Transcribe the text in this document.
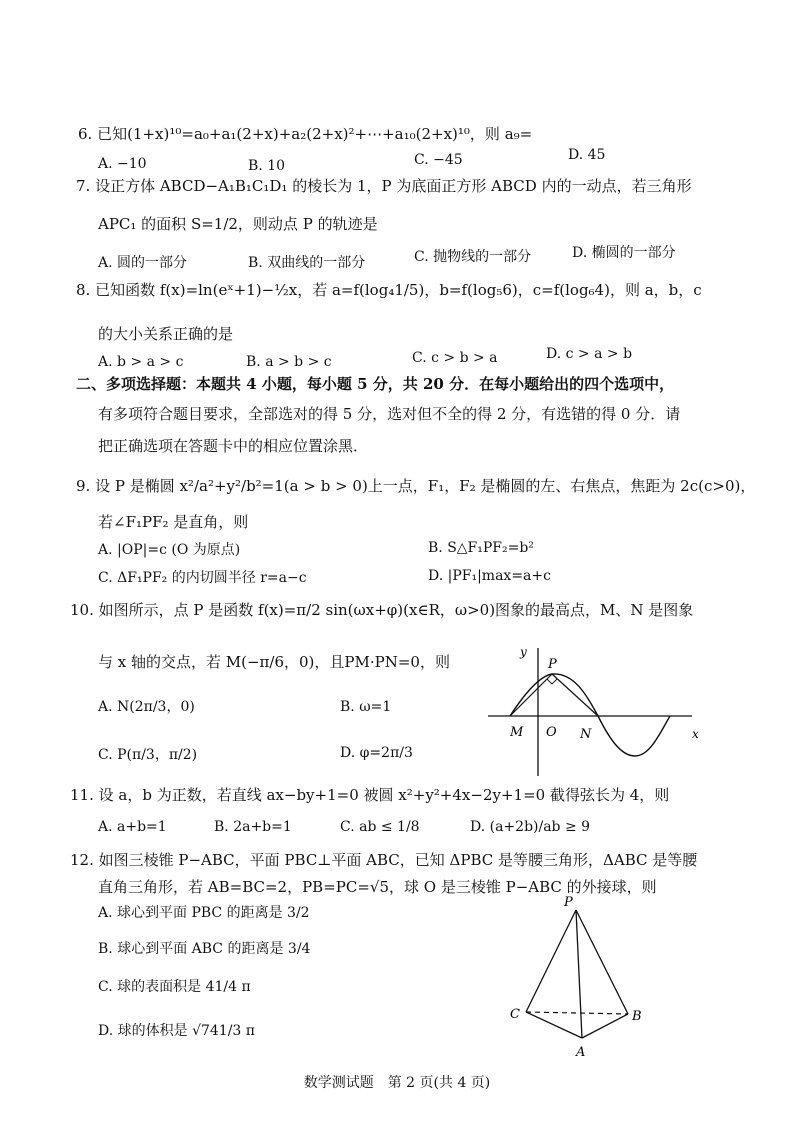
6. 已知(1+x)¹⁰=a₀+a₁(2+x)+a₂(2+x)²+⋯+a₁₀(2+x)¹⁰，则 a₉=
A. −10	B. 10	C. −45	D. 45
7. 设正方体 ABCD−A₁B₁C₁D₁ 的棱长为 1，P 为底面正方形 ABCD 内的一动点，若三角形
APC₁ 的面积 S=1/2，则动点 P 的轨迹是
A. 圆的一部分	B. 双曲线的一部分	C. 抛物线的一部分	D. 椭圆的一部分
8. 已知函数 f(x)=ln(eˣ+1)−½x，若 a=f(log₄1/5)，b=f(log₅6)，c=f(log₆4)，则 a，b，c
的大小关系正确的是
A. b > a > c	B. a > b > c	C. c > b > a	D. c > a > b
二、多项选择题：本题共 4 小题，每小题 5 分，共 20 分．在每小题给出的四个选项中，
有多项符合题目要求，全部选对的得 5 分，选对但不全的得 2 分，有选错的得 0 分．请
把正确选项在答题卡中的相应位置涂黑．
9. 设 P 是椭圆 x²/a²+y²/b²=1(a > b > 0)上一点，F₁，F₂ 是椭圆的左、右焦点，焦距为 2c(c>0)，
若∠F₁PF₂ 是直角，则
A. |OP|=c (O 为原点)	B. S△F₁PF₂=b²
C. ΔF₁PF₂ 的内切圆半径 r=a−c	D. |PF₁|max=a+c
10. 如图所示，点 P 是函数 f(x)=π/2 sin(ωx+φ)(x∈R，ω>0)图象的最高点，M、N 是图象
与 x 轴的交点，若 M(−π/6，0)，且PM·PN=0，则
A. N(2π/3，0)	B. ω=1
C. P(π/3，π/2)	D. φ=2π/3
y
x
P
M O N
11. 设 a，b 为正数，若直线 ax−by+1=0 被圆 x²+y²+4x−2y+1=0 截得弦长为 4，则
A. a+b=1	B. 2a+b=1	C. ab ≤ 1/8	D. (a+2b)/ab ≥ 9
12. 如图三棱锥 P−ABC，平面 PBC⊥平面 ABC，已知 ΔPBC 是等腰三角形，ΔABC 是等腰
直角三角形，若 AB=BC=2，PB=PC=√5，球 O 是三棱锥 P−ABC 的外接球，则
A. 球心到平面 PBC 的距离是 3/2
B. 球心到平面 ABC 的距离是 3/4
C. 球的表面积是 41/4 π
D. 球的体积是 √741/3 π
P
C	B
A
数学测试题　第 2 页(共 4 页)
